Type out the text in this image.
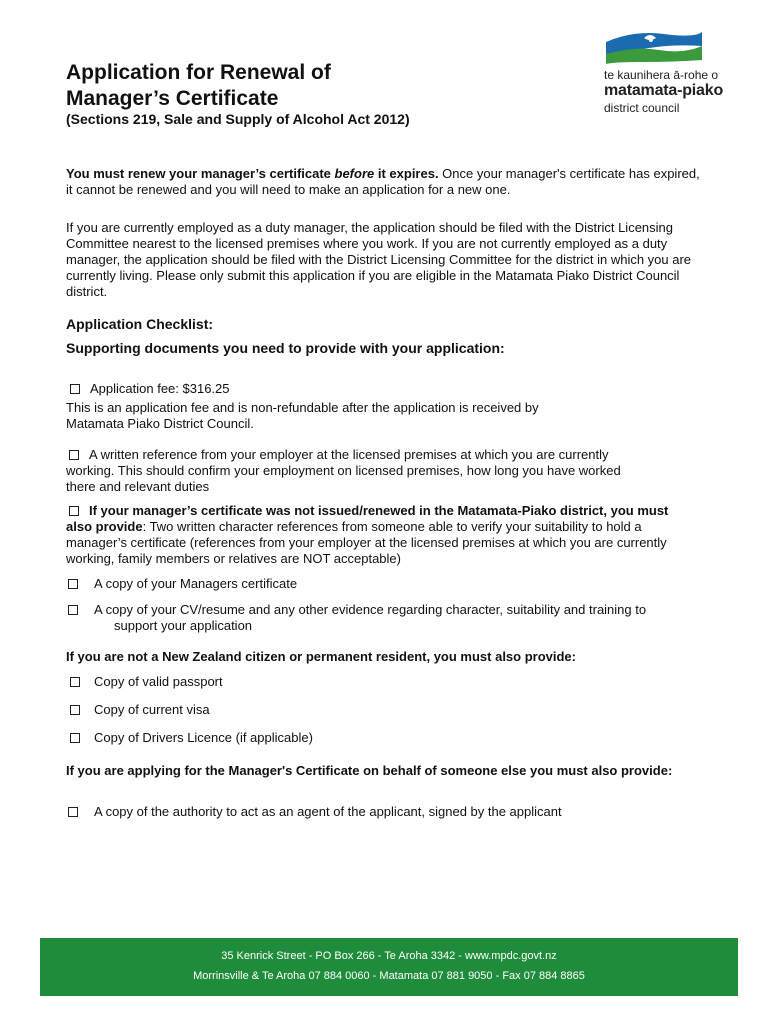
Application for Renewal of
Manager’s Certificate
(Sections 219, Sale and Supply of Alcohol Act 2012)
te kaunihera ā-rohe o
matamata-piako
district council
You must renew your manager’s certificate before it expires. Once your manager's certificate has expired, it cannot be renewed and you will need to make an application for a new one.
If you are currently employed as a duty manager, the application should be filed with the District Licensing Committee nearest to the licensed premises where you work. If you are not currently employed as a duty manager, the application should be filed with the District Licensing Committee for the district in which you are currently living. Please only submit this application if you are eligible in the Matamata Piako District Council district.
Application Checklist:
Supporting documents you need to provide with your application:
Application fee: $316.25
This is an application fee and is non-refundable after the application is received by Matamata Piako District Council.
A written reference from your employer at the licensed premises at which you are currently working. This should confirm your employment on licensed premises, how long you have worked there and relevant duties
If your manager’s certificate was not issued/renewed in the Matamata-Piako district, you must also provide: Two written character references from someone able to verify your suitability to hold a manager’s certificate (references from your employer at the licensed premises at which you are currently working, family members or relatives are NOT acceptable)
A copy of your Managers certificate
A copy of your CV/resume and any other evidence regarding character, suitability and training to
support your application
If you are not a New Zealand citizen or permanent resident, you must also provide:
Copy of valid passport
Copy of current visa
Copy of Drivers Licence (if applicable)
If you are applying for the Manager's Certificate on behalf of someone else you must also provide:
A copy of the authority to act as an agent of the applicant, signed by the applicant
35 Kenrick Street - PO Box 266 - Te Aroha 3342 - www.mpdc.govt.nz
Morrinsville & Te Aroha 07 884 0060 - Matamata 07 881 9050 - Fax 07 884 8865
